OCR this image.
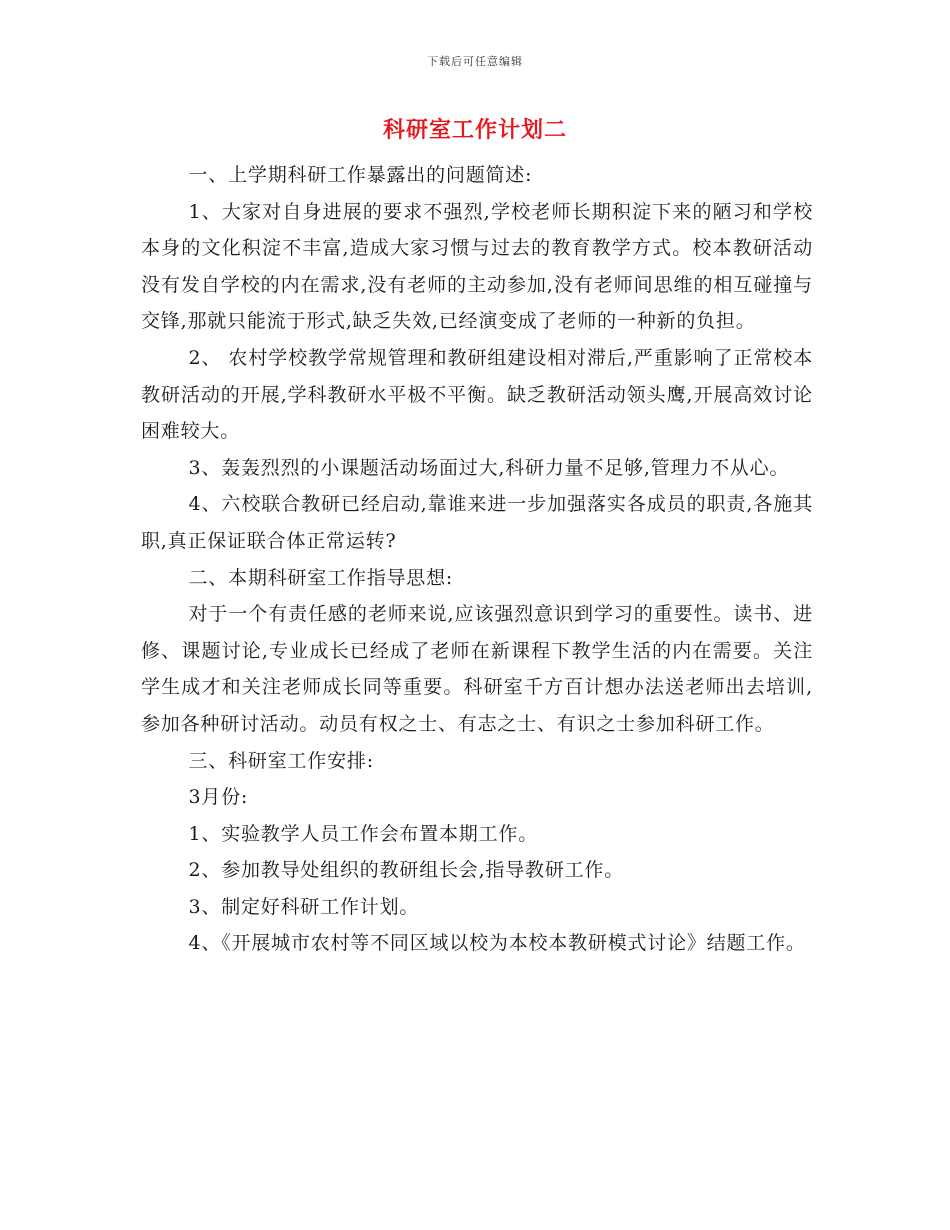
下载后可任意编辑
科研室工作计划二

一、上学期科研工作暴露出的问题简述:

1、大家对自身进展的要求不强烈,学校老师长期积淀下来的陋习和学校本身的文化积淀不丰富,造成大家习惯与过去的教育教学方式。校本教研活动没有发自学校的内在需求,没有老师的主动参加,没有老师间思维的相互碰撞与交锋,那就只能流于形式,缺乏失效,已经演变成了老师的一种新的负担。

2、 农村学校教学常规管理和教研组建设相对滞后,严重影响了正常校本教研活动的开展,学科教研水平极不平衡。缺乏教研活动领头鹰,开展高效讨论困难较大。

3、轰轰烈烈的小课题活动场面过大,科研力量不足够,管理力不从心。

4、六校联合教研已经启动,靠谁来进一步加强落实各成员的职责,各施其职,真正保证联合体正常运转?

二、本期科研室工作指导思想:

对于一个有责任感的老师来说,应该强烈意识到学习的重要性。读书、进修、课题讨论,专业成长已经成了老师在新课程下教学生活的内在需要。关注学生成才和关注老师成长同等重要。科研室千方百计想办法送老师出去培训,参加各种研讨活动。动员有权之士、有志之士、有识之士参加科研工作。

三、科研室工作安排:

3月份:

1、实验教学人员工作会布置本期工作。

2、参加教导处组织的教研组长会,指导教研工作。

3、制定好科研工作计划。

4、《开展城市农村等不同区域以校为本校本教研模式讨论》结题工作。
